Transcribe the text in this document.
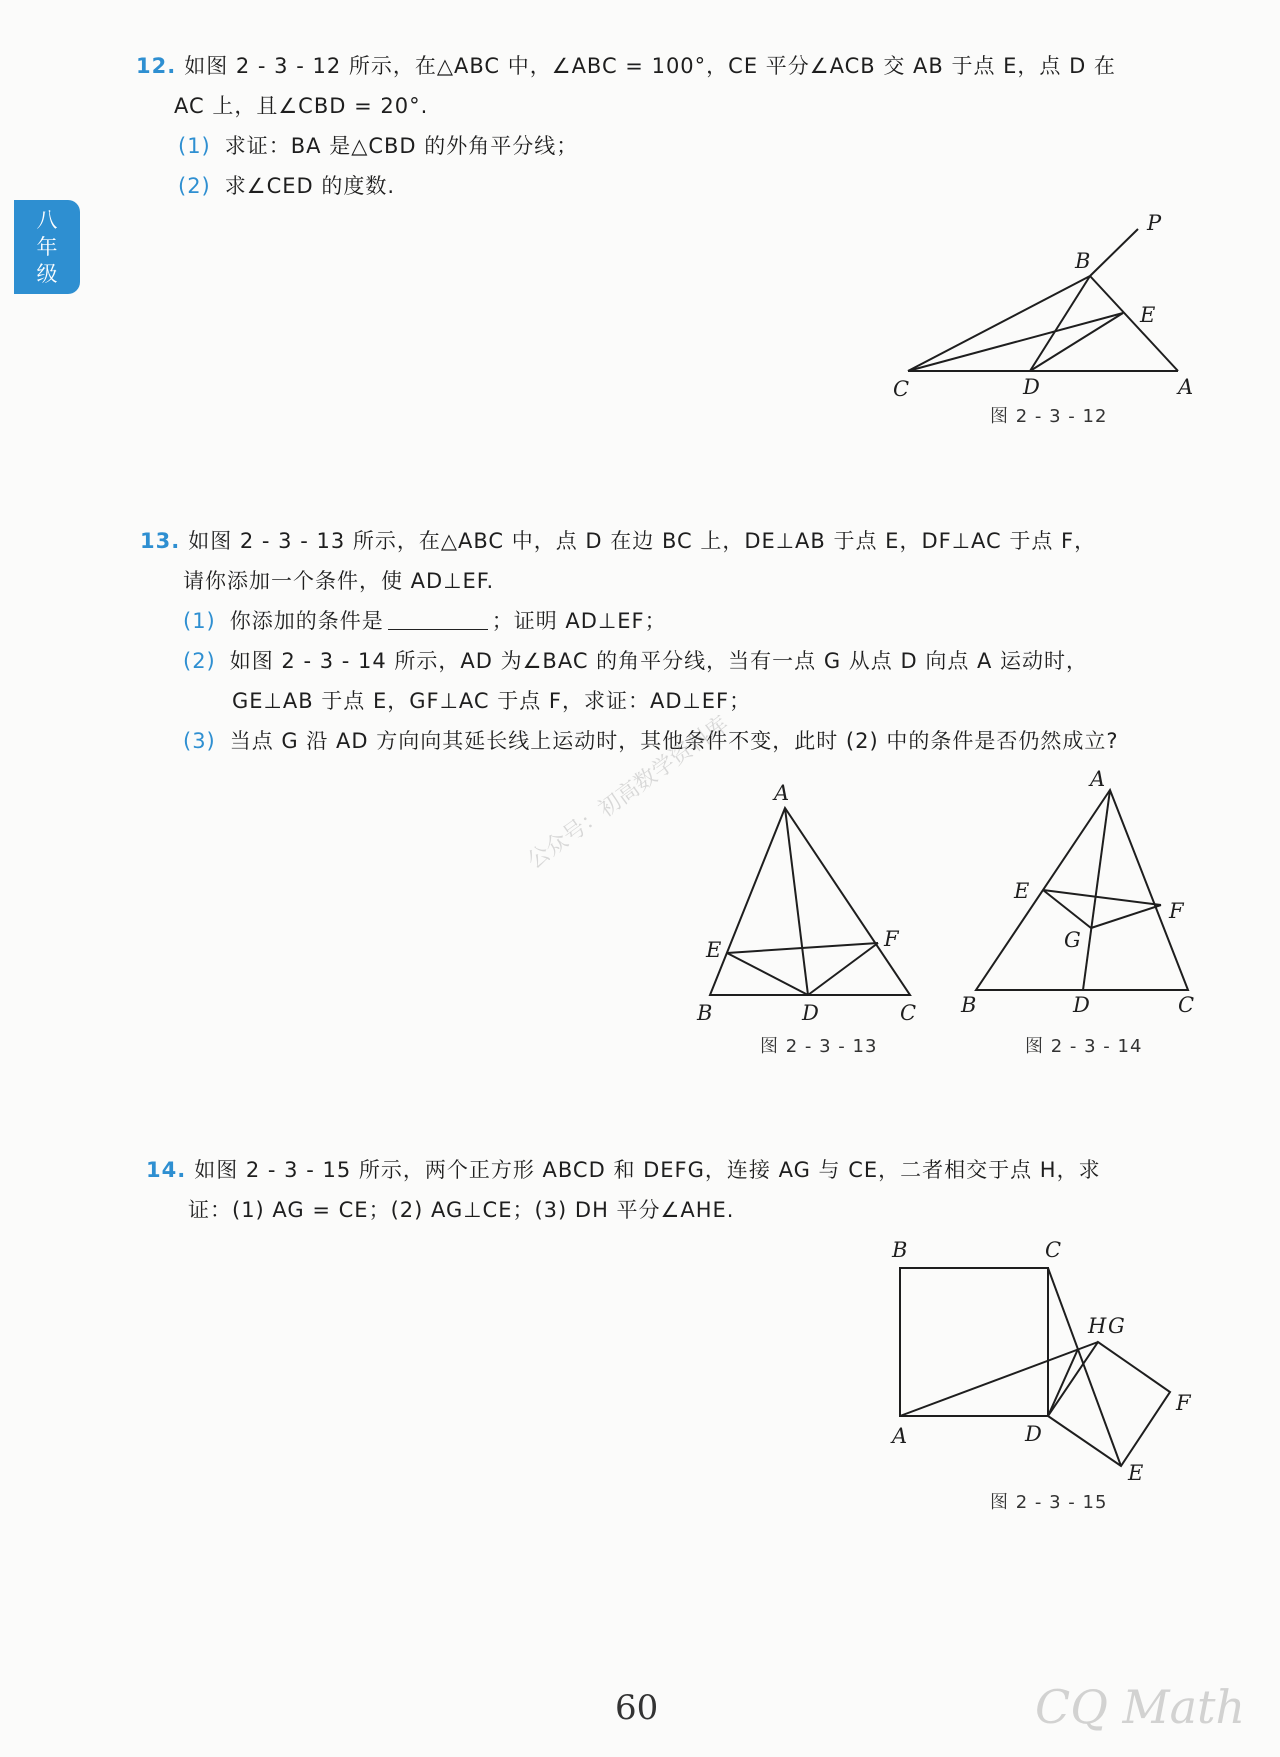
八年级
12. 如图 2 - 3 - 12 所示，在△ABC 中，∠ABC = 100°，CE 平分∠ACB 交 AB 于点 E，点 D 在
AC 上，且∠CBD = 20°.
(1) 求证：BA 是△CBD 的外角平分线；
(2) 求∠CED 的度数.
P
B
E
C	D	A
图 2 - 3 - 12
13. 如图 2 - 3 - 13 所示，在△ABC 中，点 D 在边 BC 上，DE⊥AB 于点 E，DF⊥AC 于点 F，
请你添加一个条件，使 AD⊥EF.
(1) 你添加的条件是	；证明 AD⊥EF；
(2) 如图 2 - 3 - 14 所示，AD 为∠BAC 的角平分线，当有一点 G 从点 D 向点 A 运动时，
GE⊥AB 于点 E，GF⊥AC 于点 F，求证：AD⊥EF；
(3) 当点 G 沿 AD 方向向其延长线上运动时，其他条件不变，此时 (2) 中的条件是否仍然成立?
A
E	F
B	D	C
图 2 - 3 - 13
A
E
F
G
B	D	C
图 2 - 3 - 14
公众号：初高数学资料库
14. 如图 2 - 3 - 15 所示，两个正方形 ABCD 和 DEFG，连接 AG 与 CE，二者相交于点 H，求
证：(1) AG = CE；(2) AG⊥CE；(3) DH 平分∠AHE.
B	C
H G
F
A	D
E
图 2 - 3 - 15
60	CQ Math
